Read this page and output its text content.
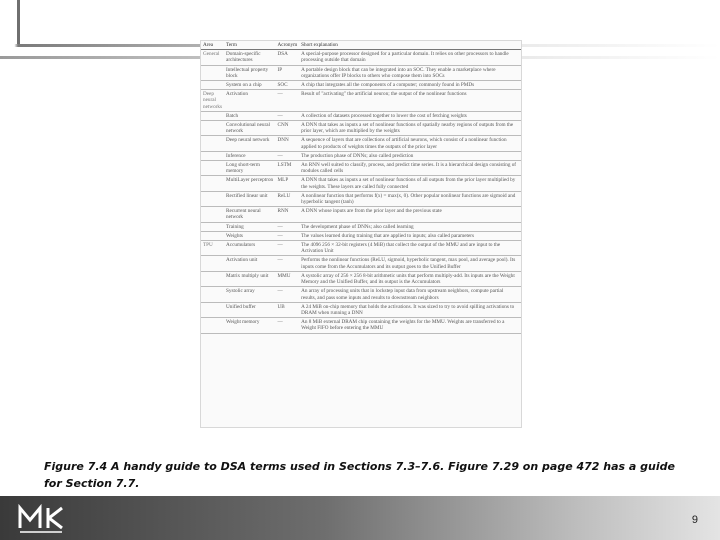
Area	Term	Acronym	Short explanation
General	Domain-specific architectures	DSA	A special-purpose processor designed for a particular domain. It relies on other processors to handle processing outside that domain
	Intellectual property block	IP	A portable design block that can be integrated into an SOC. They enable a marketplace where organizations offer IP blocks to others who compose them into SOCs
	System on a chip	SOC	A chip that integrates all the components of a computer; commonly found in PMDs
Deep neural networks	Activation	—	Result of "activating" the artificial neuron; the output of the nonlinear functions
	Batch	—	A collection of datasets processed together to lower the cost of fetching weights
	Convolutional neural network	CNN	A DNN that takes as inputs a set of nonlinear functions of spatially nearby regions of outputs from the prior layer, which are multiplied by the weights
	Deep neural network	DNN	A sequence of layers that are collections of artificial neurons, which consist of a nonlinear function applied to products of weights times the outputs of the prior layer
	Inference	—	The production phase of DNNs; also called prediction
	Long short-term memory	LSTM	An RNN well suited to classify, process, and predict time series. It is a hierarchical design consisting of modules called cells
	MultiLayer perceptron	MLP	A DNN that takes as inputs a set of nonlinear functions of all outputs from the prior layer multiplied by the weights. These layers are called fully connected
	Rectified linear unit	ReLU	A nonlinear function that performs f(x) = max(x, 0). Other popular nonlinear functions are sigmoid and hyperbolic tangent (tanh)
	Recurrent neural network	RNN	A DNN whose inputs are from the prior layer and the previous state
	Training	—	The development phase of DNNs; also called learning
	Weights	—	The values learned during training that are applied to inputs; also called parameters
TPU	Accumulators	—	The 4096 256 × 32-bit registers (4 MiB) that collect the output of the MMU and are input to the Activation Unit
	Activation unit	—	Performs the nonlinear functions (ReLU, sigmoid, hyperbolic tangent, max pool, and average pool). Its inputs come from the Accumulators and its output goes to the Unified Buffer
	Matrix multiply unit	MMU	A systolic array of 256 × 256 8-bit arithmetic units that perform multiply-add. Its inputs are the Weight Memory and the Unified Buffer, and its output is the Accumulators
	Systolic array	—	An array of processing units that in lockstep input data from upstream neighbors, compute partial results, and pass some inputs and results to downstream neighbors
	Unified buffer	UB	A 24 MiB on-chip memory that holds the activations. It was sized to try to avoid spilling activations to DRAM when running a DNN
	Weight memory	—	An 8 MiB external DRAM chip containing the weights for the MMU. Weights are transferred to a Weight FIFO before entering the MMU

Figure 7.4 A handy guide to DSA terms used in Sections 7.3–7.6. Figure 7.29 on page 472 has a guide for Section 7.7.

9
